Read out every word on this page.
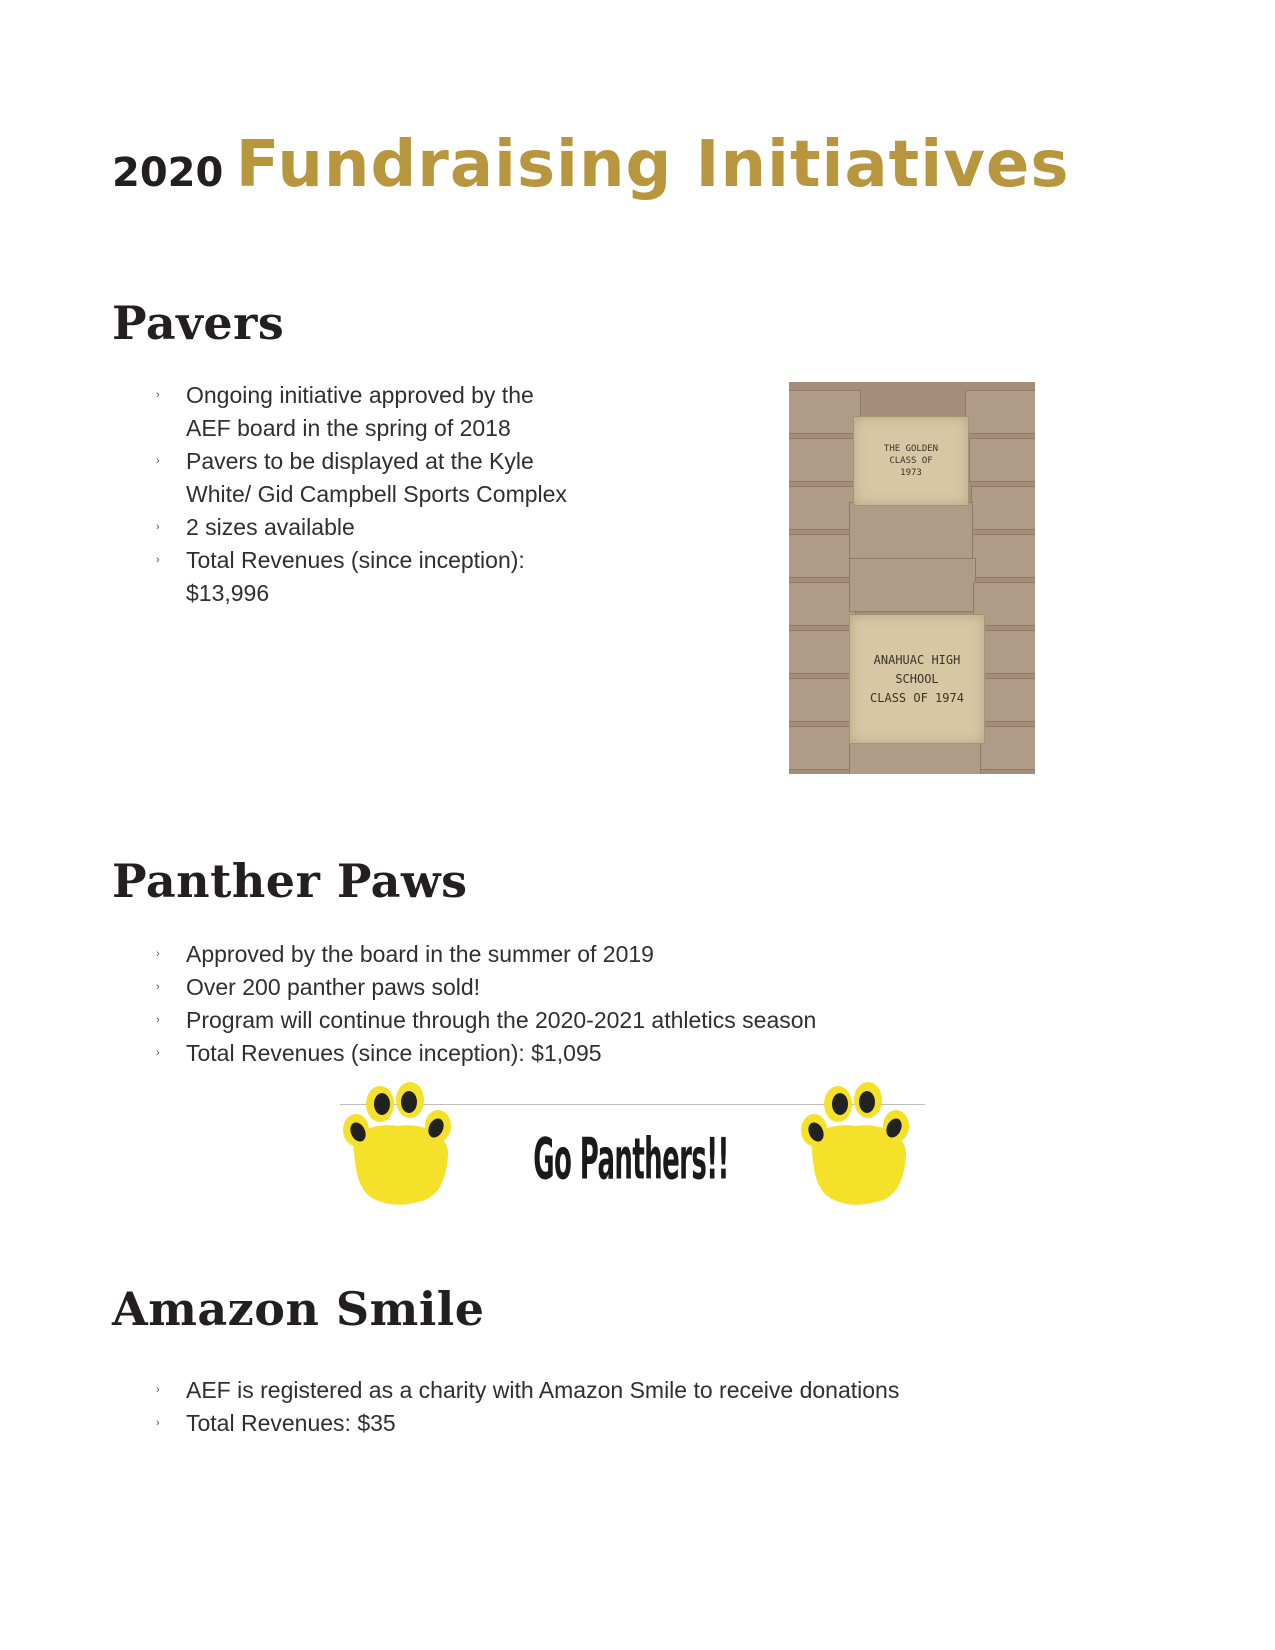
2020 Fundraising Initiatives
Pavers
› Ongoing initiative approved by the AEF board in the spring of 2018
› Pavers to be displayed at the Kyle White/ Gid Campbell Sports Complex
› 2 sizes available
› Total Revenues (since inception): $13,996
THE GOLDEN
CLASS OF
1973
ANAHUAC HIGH
SCHOOL
CLASS OF 1974
Panther Paws
› Approved by the board in the summer of 2019
› Over 200 panther paws sold!
› Program will continue through the 2020-2021 athletics season
› Total Revenues (since inception): $1,095
Go Panthers!!
Amazon Smile
› AEF is registered as a charity with Amazon Smile to receive donations
› Total Revenues: $35
